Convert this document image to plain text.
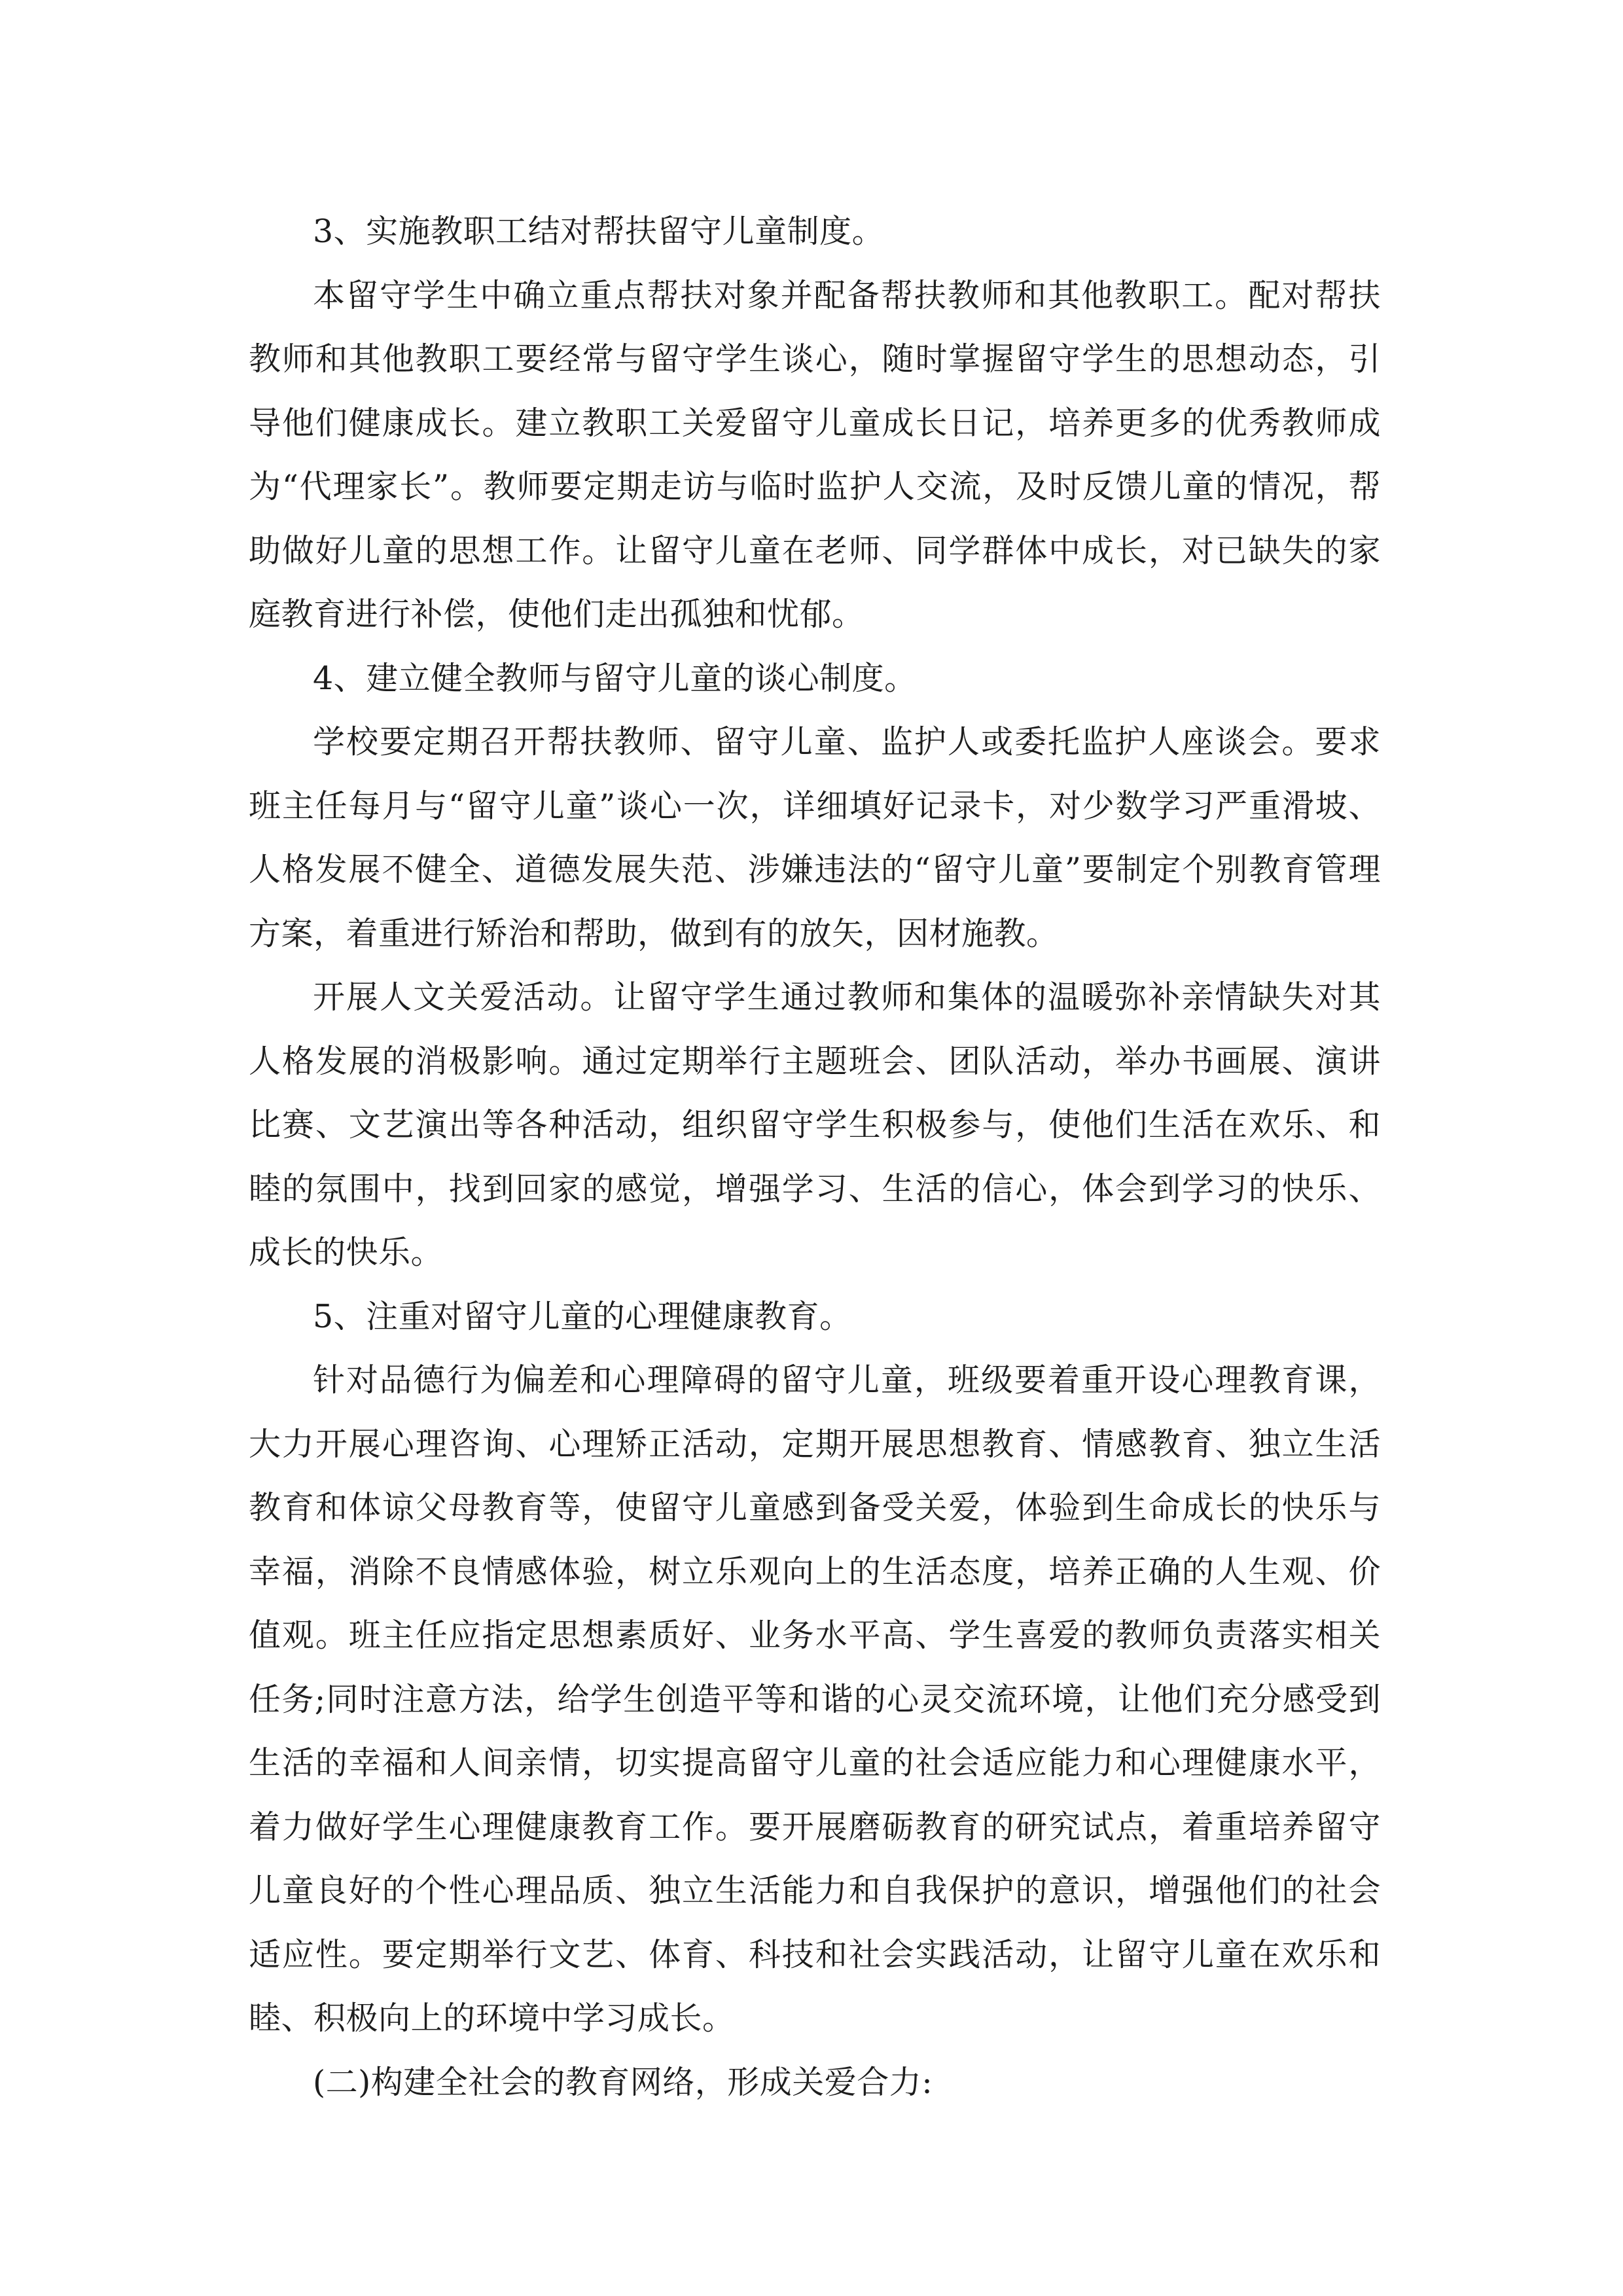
3、实施教职工结对帮扶留守儿童制度。

本留守学生中确立重点帮扶对象并配备帮扶教师和其他教职工。配对帮扶教师和其他教职工要经常与留守学生谈心，随时掌握留守学生的思想动态，引导他们健康成长。建立教职工关爱留守儿童成长日记，培养更多的优秀教师成为“代理家长”。教师要定期走访与临时监护人交流，及时反馈儿童的情况，帮助做好儿童的思想工作。让留守儿童在老师、同学群体中成长，对已缺失的家庭教育进行补偿，使他们走出孤独和忧郁。

4、建立健全教师与留守儿童的谈心制度。

学校要定期召开帮扶教师、留守儿童、监护人或委托监护人座谈会。要求班主任每月与“留守儿童”谈心一次，详细填好记录卡，对少数学习严重滑坡、人格发展不健全、道德发展失范、涉嫌违法的“留守儿童”要制定个别教育管理方案，着重进行矫治和帮助，做到有的放矢，因材施教。

开展人文关爱活动。让留守学生通过教师和集体的温暖弥补亲情缺失对其人格发展的消极影响。通过定期举行主题班会、团队活动，举办书画展、演讲比赛、文艺演出等各种活动，组织留守学生积极参与，使他们生活在欢乐、和睦的氛围中，找到回家的感觉，增强学习、生活的信心，体会到学习的快乐、成长的快乐。

5、注重对留守儿童的心理健康教育。

针对品德行为偏差和心理障碍的留守儿童，班级要着重开设心理教育课，大力开展心理咨询、心理矫正活动，定期开展思想教育、情感教育、独立生活教育和体谅父母教育等，使留守儿童感到备受关爱，体验到生命成长的快乐与幸福，消除不良情感体验，树立乐观向上的生活态度，培养正确的人生观、价值观。班主任应指定思想素质好、业务水平高、学生喜爱的教师负责落实相关任务;同时注意方法，给学生创造平等和谐的心灵交流环境，让他们充分感受到生活的幸福和人间亲情，切实提高留守儿童的社会适应能力和心理健康水平，着力做好学生心理健康教育工作。要开展磨砺教育的研究试点，着重培养留守儿童良好的个性心理品质、独立生活能力和自我保护的意识，增强他们的社会适应性。要定期举行文艺、体育、科技和社会实践活动，让留守儿童在欢乐和睦、积极向上的环境中学习成长。

(二)构建全社会的教育网络，形成关爱合力:
